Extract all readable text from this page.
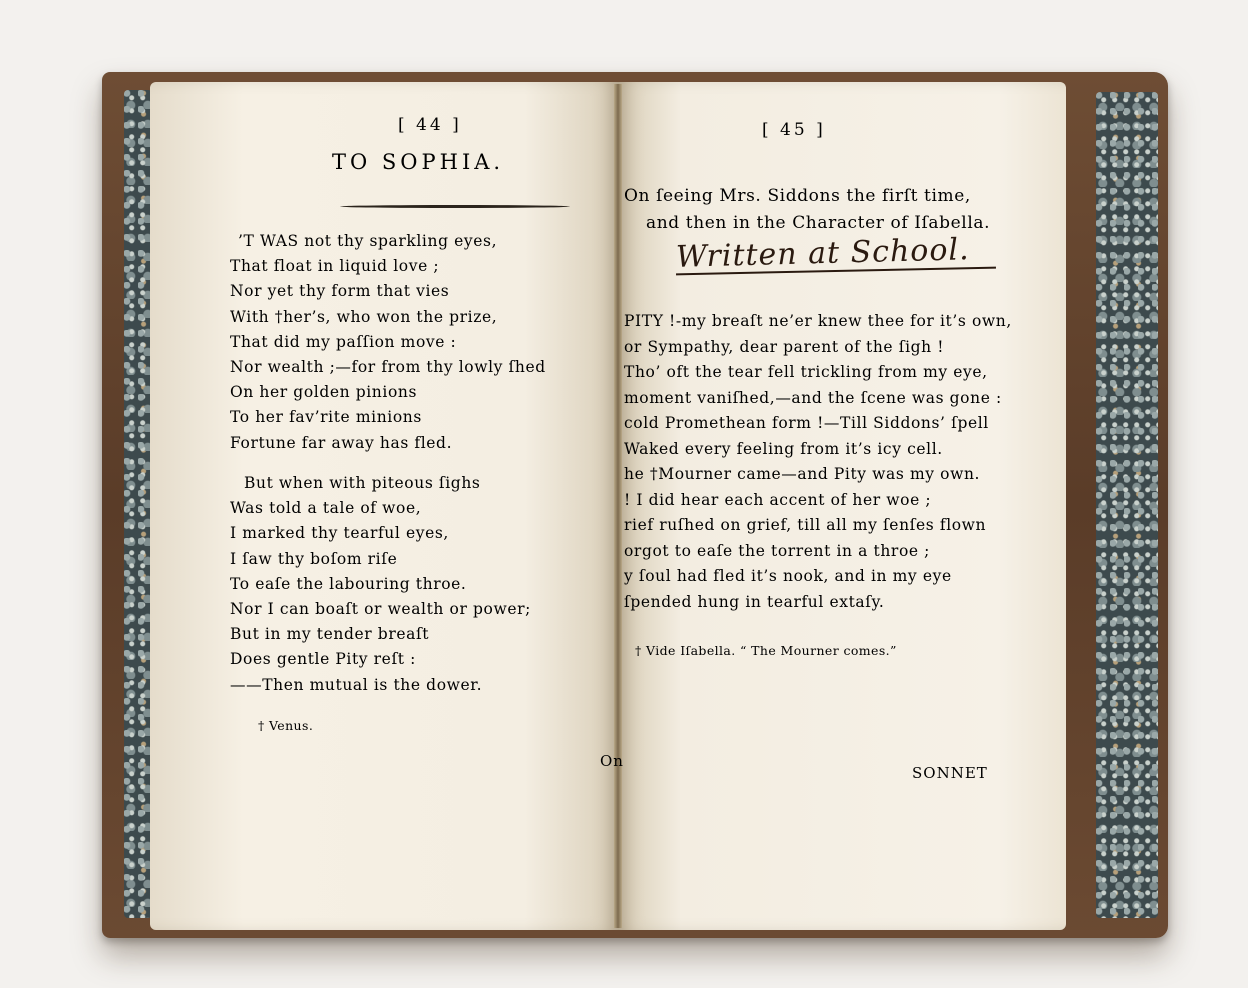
[ 44 ]
TO SOPHIA.
’T WAS not thy sparkling eyes,
That float in liquid love ;
Nor yet thy form that vies
With †her’s, who won the prize,
That did my paſſion move :
Nor wealth ;—for from thy lowly ſhed
On her golden pinions
To her fav’rite minions
Fortune far away has fled.
But when with piteous ſighs
Was told a tale of woe,
I marked thy tearful eyes,
I ſaw thy boſom riſe
To eaſe the labouring throe.
Nor I can boaſt or wealth or power;
But in my tender breaſt
Does gentle Pity reſt :
——Then mutual is the dower.
† Venus.
[ 45 ]
On ſeeing Mrs. Siddons the firſt time,
and then in the Character of Iſabella.
Written at School.
PITY !-my breaſt ne’er knew thee for it’s own,
or Sympathy, dear parent of the ſigh !
Tho’ oft the tear fell trickling from my eye,
moment vaniſhed,—and the ſcene was gone :
cold Promethean form !—Till Siddons’ ſpell
Waked every feeling from it’s icy cell.
he †Mourner came—and Pity was my own.
! I did hear each accent of her woe ;
rief ruſhed on grief, till all my ſenſes flown
orgot to eaſe the torrent in a throe ;
y ſoul had fled it’s nook, and in my eye
ſpended hung in tearful extaſy.
† Vide Iſabella. “ The Mourner comes.”
On
SONNET
